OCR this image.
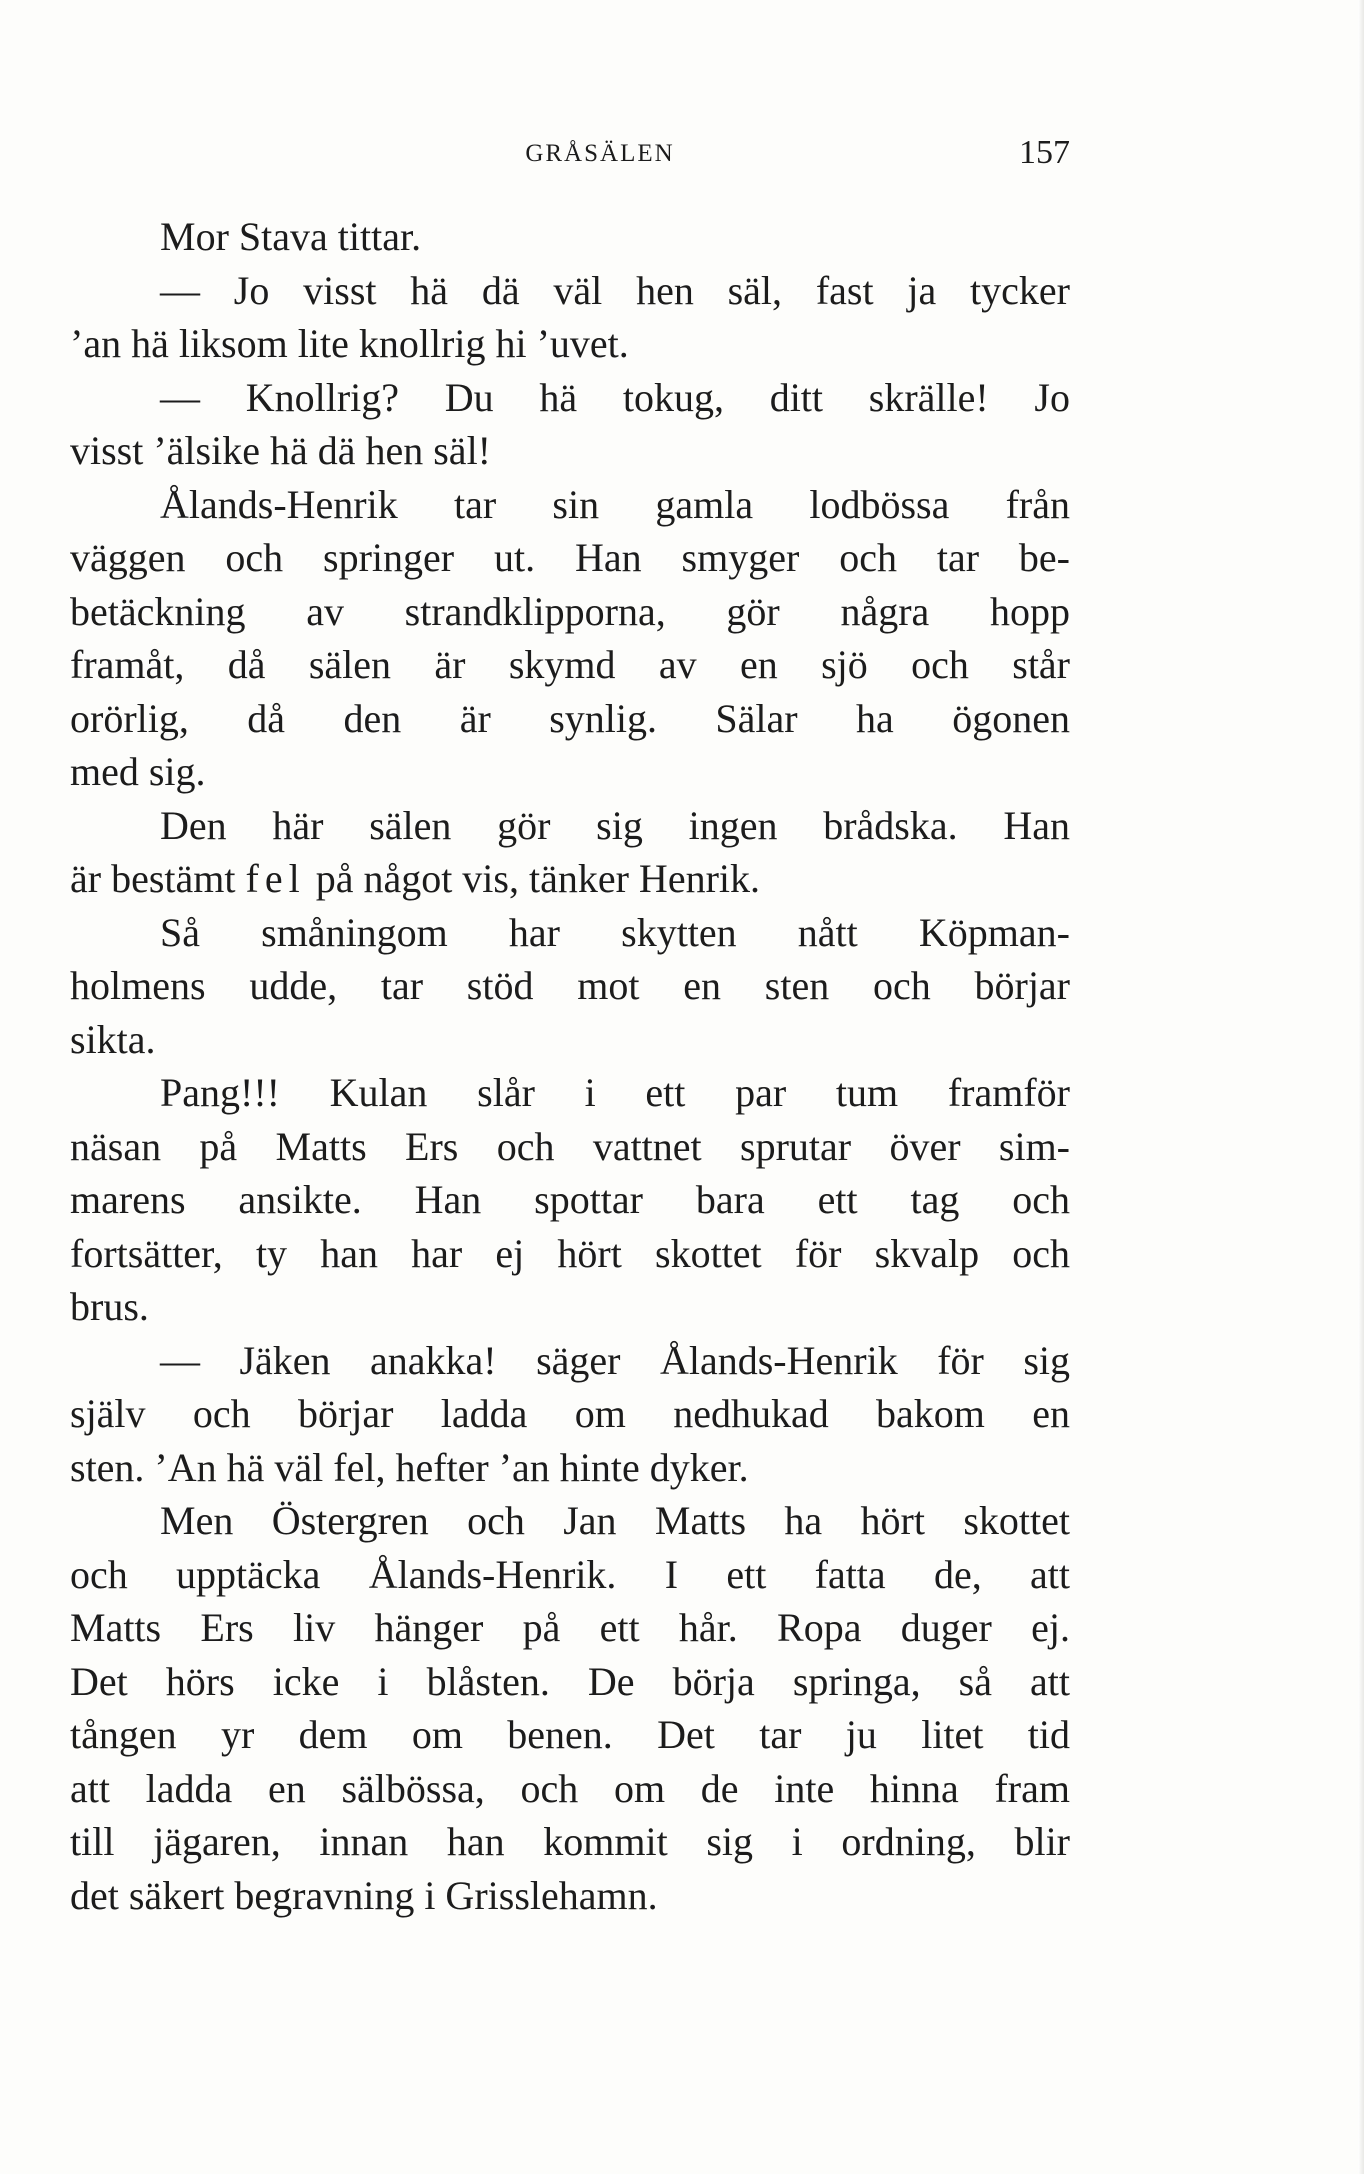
GRÅSÄLEN	157
Mor Stava tittar.
— Jo visst hä dä väl hen säl, fast ja tycker
’an hä liksom lite knollrig hi ’uvet.
— Knollrig? Du hä tokug, ditt skrälle! Jo
visst ’älsike hä dä hen säl!
Ålands-Henrik tar sin gamla lodbössa från
väggen och springer ut. Han smyger och tar be-
betäckning av strandklipporna, gör några hopp
framåt, då sälen är skymd av en sjö och står
orörlig, då den är synlig. Sälar ha ögonen
med sig.
Den här sälen gör sig ingen brådska. Han
är bestämt fel på något vis, tänker Henrik.
Så småningom har skytten nått Köpman-
holmens udde, tar stöd mot en sten och börjar
sikta.
Pang!!! Kulan slår i ett par tum framför
näsan på Matts Ers och vattnet sprutar över sim-
marens ansikte. Han spottar bara ett tag och
fortsätter, ty han har ej hört skottet för skvalp och
brus.
— Jäken anakka! säger Ålands-Henrik för sig
själv och börjar ladda om nedhukad bakom en
sten. ’An hä väl fel, hefter ’an hinte dyker.
Men Östergren och Jan Matts ha hört skottet
och upptäcka Ålands-Henrik. I ett fatta de, att
Matts Ers liv hänger på ett hår. Ropa duger ej.
Det hörs icke i blåsten. De börja springa, så att
tången yr dem om benen. Det tar ju litet tid
att ladda en sälbössa, och om de inte hinna fram
till jägaren, innan han kommit sig i ordning, blir
det säkert begravning i Grisslehamn.
